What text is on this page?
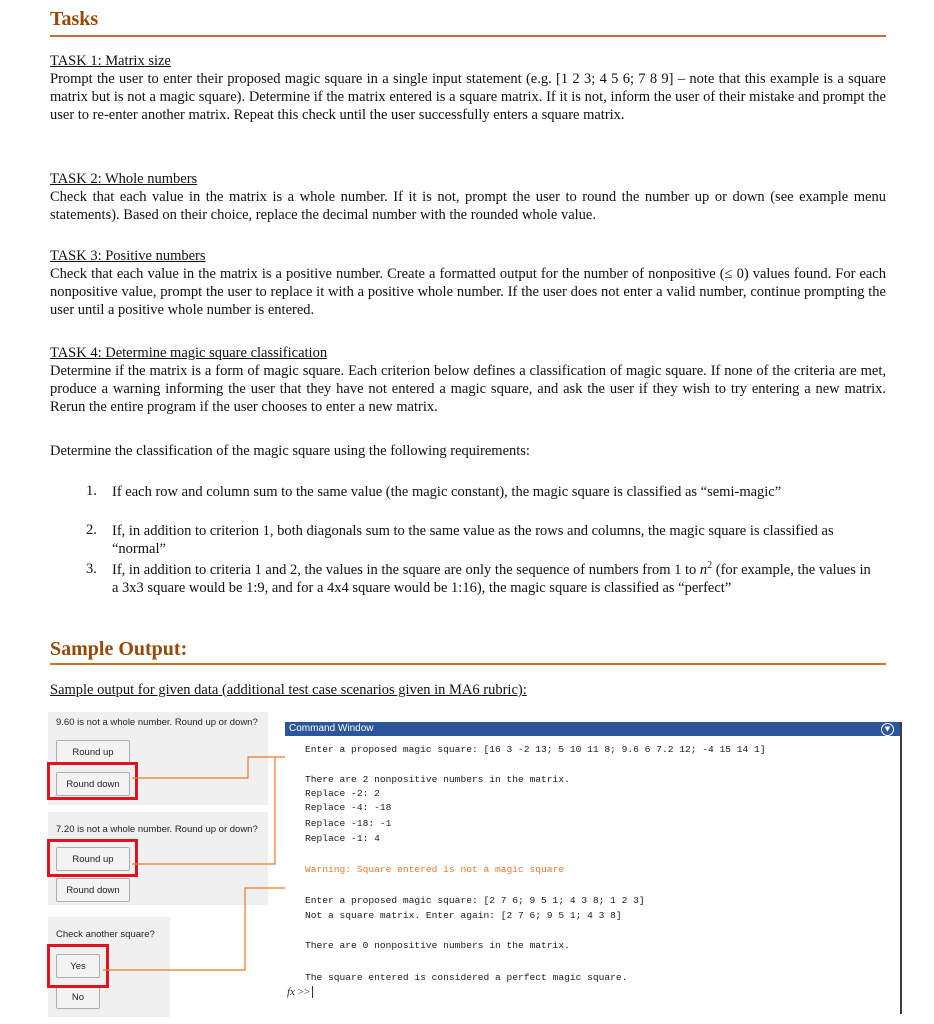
Tasks
TASK 1: Matrix size
Prompt the user to enter their proposed magic square in a single input statement (e.g. [1 2 3; 4 5 6; 7 8 9] – note that this example is a square matrix but is not a magic square). Determine if the matrix entered is a square matrix. If it is not, inform the user of their mistake and prompt the user to re-enter another matrix. Repeat this check until the user successfully enters a square matrix.
TASK 2: Whole numbers
Check that each value in the matrix is a whole number. If it is not, prompt the user to round the number up or down (see example menu statements). Based on their choice, replace the decimal number with the rounded whole value.
TASK 3: Positive numbers
Check that each value in the matrix is a positive number. Create a formatted output for the number of nonpositive (≤ 0) values found. For each nonpositive value, prompt the user to replace it with a positive whole number. If the user does not enter a valid number, continue prompting the user until a positive whole number is entered.
TASK 4: Determine magic square classification
Determine if the matrix is a form of magic square. Each criterion below defines a classification of magic square. If none of the criteria are met, produce a warning informing the user that they have not entered a magic square, and ask the user if they wish to try entering a new matrix. Rerun the entire program if the user chooses to enter a new matrix.
Determine the classification of the magic square using the following requirements:
1. If each row and column sum to the same value (the magic constant), the magic square is classified as “semi-magic”
2. If, in addition to criterion 1, both diagonals sum to the same value as the rows and columns, the magic square is classified as “normal”
3. If, in addition to criteria 1 and 2, the values in the square are only the sequence of numbers from 1 to $n^2$ (for example, the values in a 3x3 square would be 1:9, and for a 4x4 square would be 1:16), the magic square is classified as “perfect”
Sample Output:
Sample output for given data (additional test case scenarios given in MA6 rubric):
9.60 is not a whole number. Round up or down?
Round up
Round down
7.20 is not a whole number. Round up or down?
Round up
Round down
Check another square?
Yes
No
Command Window	▼
Enter a proposed magic square: [16 3 -2 13; 5 10 11 8; 9.6 6 7.2 12; -4 15 14 1]
There are 2 nonpositive numbers in the matrix.
Replace -2: 2
Replace -4: -18
Replace -18: -1
Replace -1: 4
Warning: Square entered is not a magic square
Enter a proposed magic square: [2 7 6; 9 5 1; 4 3 8; 1 2 3]
Not a square matrix. Enter again: [2 7 6; 9 5 1; 4 3 8]
There are 0 nonpositive numbers in the matrix.
The square entered is considered a perfect magic square.
fx >>
